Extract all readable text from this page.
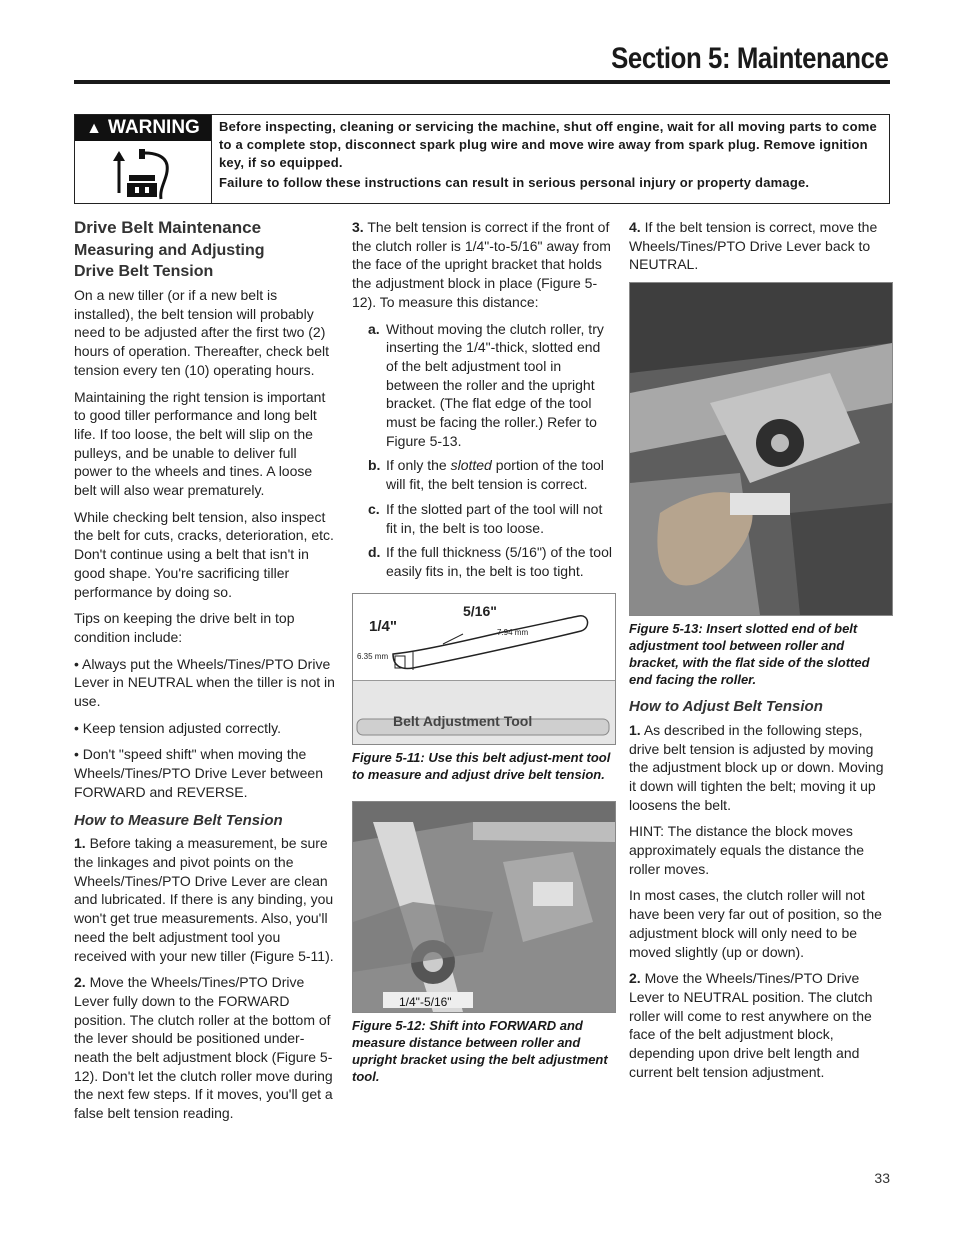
Section 5: Maintenance
▲ WARNING	Before inspecting, cleaning or servicing the machine, shut off engine, wait for all moving parts to come to a complete stop, disconnect spark plug wire and move wire away from spark plug. Remove ignition key, if so equipped.

Failure to follow these instructions can result in serious personal injury or property damage.

Drive Belt Maintenance
Measuring and Adjusting
Drive Belt Tension

On a new tiller (or if a new belt is installed), the belt tension will probably need to be adjusted after the first two (2) hours of operation. Thereafter, check belt tension every ten (10) operating hours.

Maintaining the right tension is important to good tiller performance and long belt life. If too loose, the belt will slip on the pulleys, and be unable to deliver full power to the wheels and tines. A loose belt will also wear prematurely.

While checking belt tension, also inspect the belt for cuts, cracks, deterioration, etc. Don't continue using a belt that isn't in good shape. You're sacrificing tiller performance by doing so.

Tips on keeping the drive belt in top condition include:

• Always put the Wheels/Tines/PTO Drive Lever in NEUTRAL when the tiller is not in use.

• Keep tension adjusted correctly.

• Don't "speed shift" when moving the Wheels/Tines/PTO Drive Lever between FORWARD and REVERSE.

How to Measure Belt Tension

1. Before taking a measurement, be sure the linkages and pivot points on the Wheels/Tines/PTO Drive Lever are clean and lubricated. If there is any binding, you won't get true measurements. Also, you'll need the belt adjustment tool you received with your new tiller (Figure 5-11).

2. Move the Wheels/Tines/PTO Drive Lever fully down to the FORWARD position. The clutch roller at the bottom of the lever should be positioned under-neath the belt adjustment block (Figure 5-12). Don't let the clutch roller move during the next few steps. If it moves, you'll get a false belt tension reading.

3. The belt tension is correct if the front of the clutch roller is 1/4"-to-5/16" away from the face of the upright bracket that holds the adjustment block in place (Figure 5-12). To measure this distance:

a. Without moving the clutch roller, try inserting the 1/4"-thick, slotted end of the belt adjustment tool in between the roller and the upright bracket. (The flat edge of the tool must be facing the roller.) Refer to Figure 5-13.
b. If only the slotted portion of the tool will fit, the belt tension is correct.
c. If the slotted part of the tool will not fit in, the belt is too loose.
d. If the full thickness (5/16") of the tool easily fits in, the belt is too tight.
1/4"
5/16"
6.35 mm
7.94 mm
Belt Adjustment Tool
Figure 5-11: Use this belt adjust-ment tool to measure and adjust drive belt tension.
1/4"-5/16"
Figure 5-12: Shift into FORWARD and measure distance between roller and upright bracket using the belt adjustment tool.

4. If the belt tension is correct, move the Wheels/Tines/PTO Drive Lever back to NEUTRAL.

Figure 5-13: Insert slotted end of belt adjustment tool between roller and bracket, with the flat side of the slotted end facing the roller.
How to Adjust Belt Tension

1. As described in the following steps, drive belt tension is adjusted by moving the adjustment block up or down. Moving it down will tighten the belt; moving it up loosens the belt.

HINT: The distance the block moves approximately equals the distance the roller moves.

In most cases, the clutch roller will not have been very far out of position, so the adjustment block will only need to be moved slightly (up or down).

2. Move the Wheels/Tines/PTO Drive Lever to NEUTRAL position. The clutch roller will come to rest anywhere on the face of the belt adjustment block, depending upon drive belt length and current belt tension adjustment.

33
